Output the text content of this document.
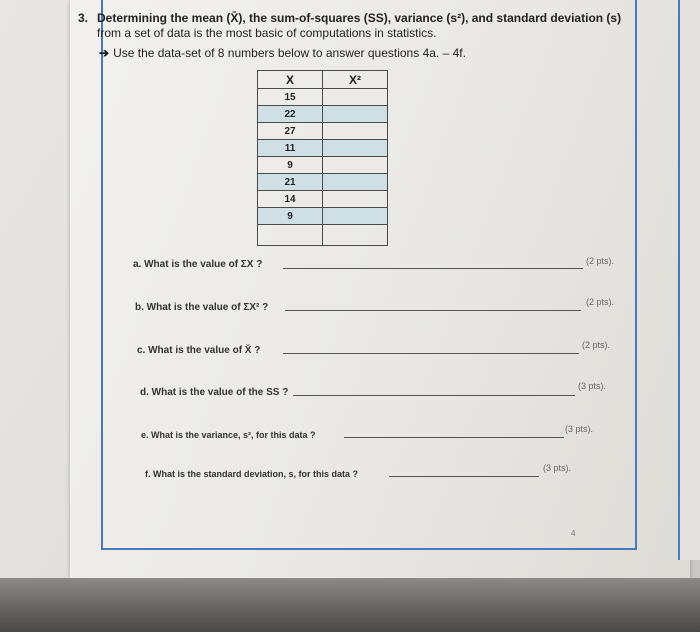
3. Determining the mean (X̄), the sum-of-squares (SS), variance (s²), and standard deviation (s)
from a set of data is the most basic of computations in statistics.
➔ Use the data-set of 8 numbers below to answer questions 4a. – 4f.
X	X²
15	
22	
27	
11	
9	
21	
14	
9	

a. What is the value of ΣX ?	(2 pts).
b. What is the value of ΣX² ?	(2 pts).
c. What is the value of X̄ ?	(2 pts).
d. What is the value of the SS ?
(3 pts).
e. What is the variance, s², for this data ?
(3 pts).
f. What is the standard deviation, s, for this data ?
(3 pts).
4
